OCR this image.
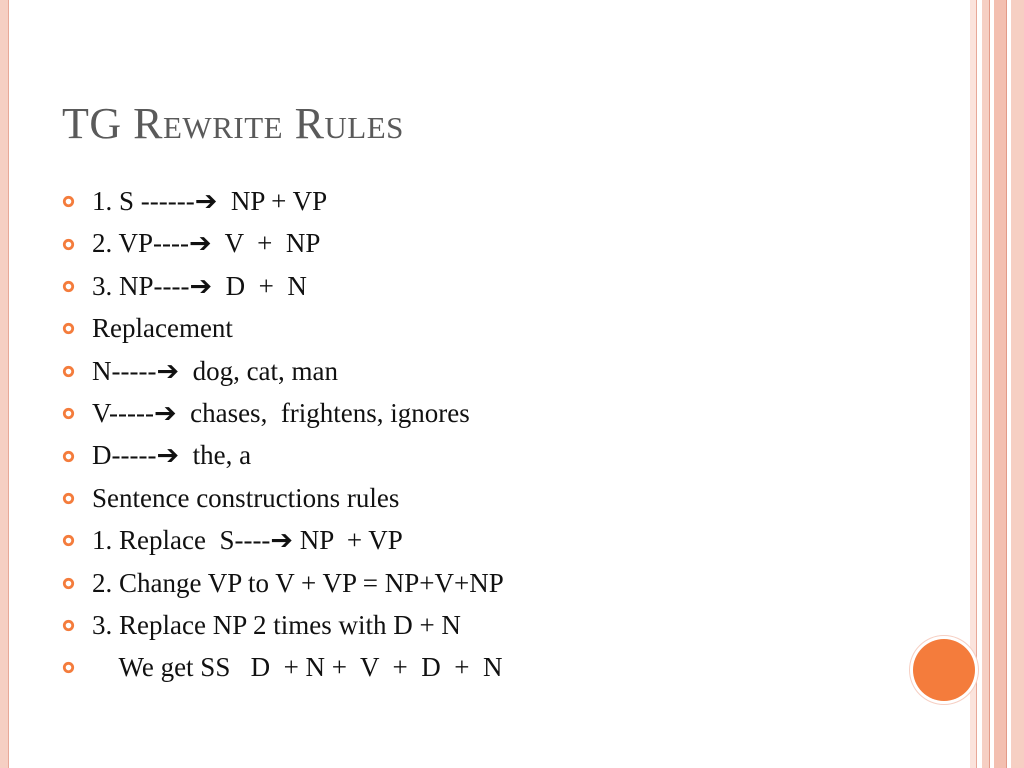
TG Rewrite Rules
1. S ------➔  NP + VP
2. VP----➔  V  +  NP
3. NP----➔  D  +  N
Replacement
N-----➔  dog, cat, man
V-----➔  chases,  frightens, ignores
D-----➔  the, a
Sentence constructions rules
1. Replace  S----➔ NP  + VP
2. Change VP to V + VP = NP+V+NP
3. Replace NP 2 times with D + N
We get SS   D  + N +  V  +  D  +  N
